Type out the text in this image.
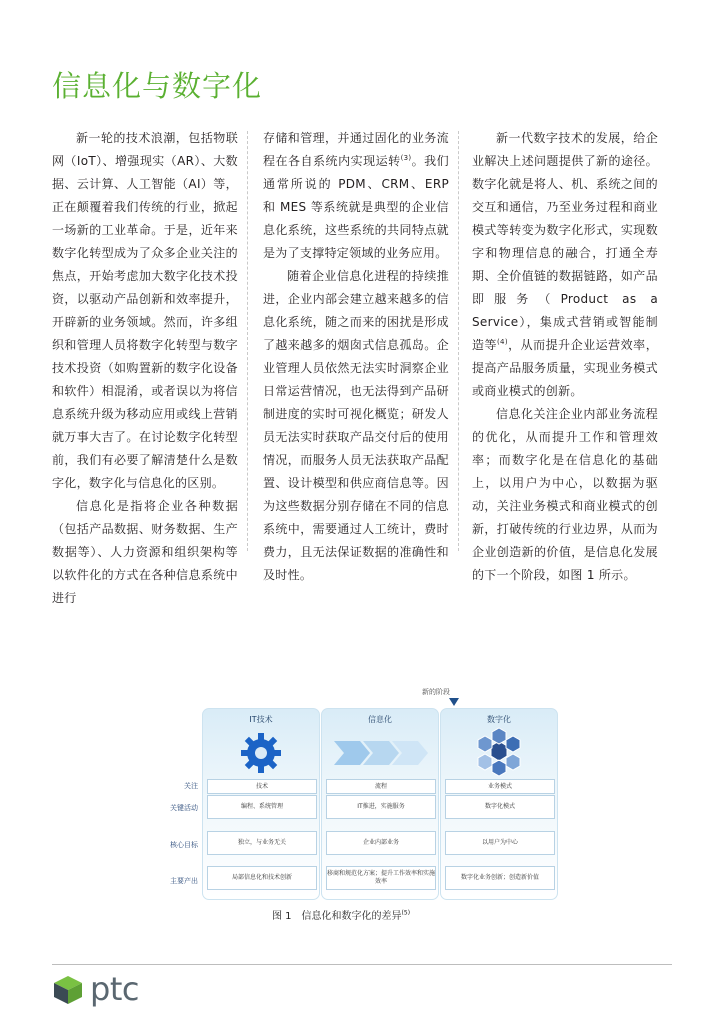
信息化与数字化

新一轮的技术浪潮，包括物联网（IoT）、增强现实（AR）、大数据、云计算、人工智能（AI）等，正在颠覆着我们传统的行业，掀起一场新的工业革命。于是，近年来数字化转型成为了众多企业关注的焦点，开始考虑加大数字化技术投资，以驱动产品创新和效率提升，开辟新的业务领域。然而，许多组织和管理人员将数字化转型与数字技术投资（如购置新的数字化设备和软件）相混淆，或者误以为将信息系统升级为移动应用或线上营销就万事大吉了。在讨论数字化转型前，我们有必要了解清楚什么是数字化，数字化与信息化的区别。

信息化是指将企业各种数据（包括产品数据、财务数据、生产数据等）、人力资源和组织架构等以软件化的方式在各种信息系统中进行

存储和管理，并通过固化的业务流程在各自系统内实现运转$^{(3)}$。我们通常所说的 PDM、CRM、ERP 和 MES 等系统就是典型的企业信息化系统，这些系统的共同特点就是为了支撑特定领域的业务应用。

随着企业信息化进程的持续推进，企业内部会建立越来越多的信息化系统，随之而来的困扰是形成了越来越多的烟囱式信息孤岛。企业管理人员依然无法实时洞察企业日常运营情况，也无法得到产品研制进度的实时可视化概览；研发人员无法实时获取产品交付后的使用情况，而服务人员无法获取产品配置、设计模型和供应商信息等。因为这些数据分别存储在不同的信息系统中，需要通过人工统计，费时费力，且无法保证数据的准确性和及时性。

新一代数字技术的发展，给企业解决上述问题提供了新的途径。数字化就是将人、机、系统之间的交互和通信，乃至业务过程和商业模式等转变为数字化形式，实现数字和物理信息的融合，打通全寿期、全价值链的数据链路，如产品即服务（Product as a Service），集成式营销或智能制造等$^{(4)}$，从而提升企业运营效率，提高产品服务质量，实现业务模式或商业模式的创新。

信息化关注企业内部业务流程的优化，从而提升工作和管理效率；而数字化是在信息化的基础上，以用户为中心，以数据为驱动，关注业务模式和商业模式的创新，打破传统的行业边界，从而为企业创造新的价值，是信息化发展的下一个阶段，如图 1 所示。

新的阶段
关注
关键活动
核心目标
主要产出
IT技术
技术
编程、系统管理
独立，与业务无关
局部信息化和技术创新
信息化
流程
IT推进，实施服务
企业内部业务
移商和规范化方案；提升工作效率和实施效率
数字化
业务模式
数字化模式
以用户为中心
数字化业务创新；创造新价值
图 1　信息化和数字化的差异$^{(5)}$
ptc
